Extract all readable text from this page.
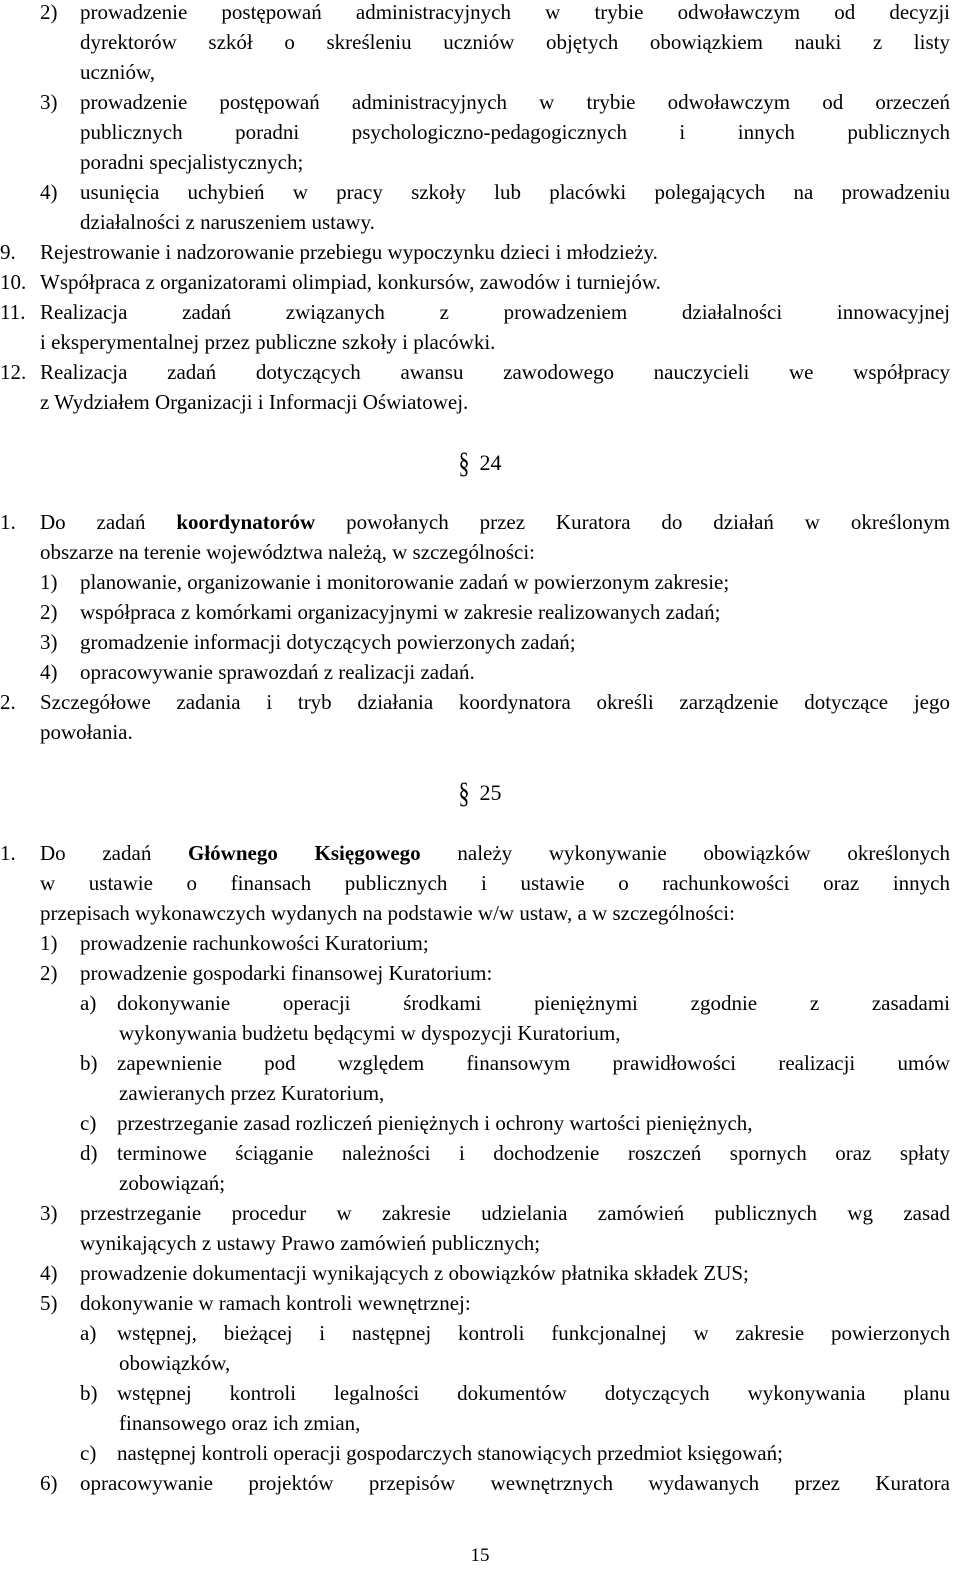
2) prowadzenie postępowań administracyjnych w trybie odwoławczym od decyzji
dyrektorów szkół o skreśleniu uczniów objętych obowiązkiem nauki z listy
uczniów,
3) prowadzenie postępowań administracyjnych w trybie odwoławczym od orzeczeń
publicznych poradni psychologiczno-pedagogicznych i innych publicznych
poradni specjalistycznych;
4) usunięcia uchybień w pracy szkoły lub placówki polegających na prowadzeniu
działalności z naruszeniem ustawy.
9. Rejestrowanie i nadzorowanie przebiegu wypoczynku dzieci i młodzieży.
10. Współpraca z organizatorami olimpiad, konkursów, zawodów i turniejów.
11. Realizacja zadań związanych z prowadzeniem działalności innowacyjnej
i eksperymentalnej przez publiczne szkoły i placówki.
12. Realizacja zadań dotyczących awansu zawodowego nauczycieli we współpracy
z Wydziałem Organizacji i Informacji Oświatowej.
§ 24
1. Do zadań koordynatorów powołanych przez Kuratora do działań w określonym
obszarze na terenie województwa należą, w szczególności:
1) planowanie, organizowanie i monitorowanie zadań w powierzonym zakresie;
2) współpraca z komórkami organizacyjnymi w zakresie realizowanych zadań;
3) gromadzenie informacji dotyczących powierzonych zadań;
4) opracowywanie sprawozdań z realizacji zadań.
2. Szczegółowe zadania i tryb działania koordynatora określi zarządzenie dotyczące jego
powołania.
§ 25
1. Do zadań Głównego Księgowego należy wykonywanie obowiązków określonych
w ustawie o finansach publicznych i ustawie o rachunkowości oraz innych
przepisach wykonawczych wydanych na podstawie w/w ustaw, a w szczególności:
1) prowadzenie rachunkowości Kuratorium;
2) prowadzenie gospodarki finansowej Kuratorium:
a) dokonywanie operacji środkami pieniężnymi zgodnie z zasadami
wykonywania budżetu będącymi w dyspozycji Kuratorium,
b) zapewnienie pod względem finansowym prawidłowości realizacji umów
zawieranych przez Kuratorium,
c) przestrzeganie zasad rozliczeń pieniężnych i ochrony wartości pieniężnych,
d) terminowe ściąganie należności i dochodzenie roszczeń spornych oraz spłaty
zobowiązań;
3) przestrzeganie procedur w zakresie udzielania zamówień publicznych wg zasad
wynikających z ustawy Prawo zamówień publicznych;
4) prowadzenie dokumentacji wynikających z obowiązków płatnika składek ZUS;
5) dokonywanie w ramach kontroli wewnętrznej:
a) wstępnej, bieżącej i następnej kontroli funkcjonalnej w zakresie powierzonych
obowiązków,
b) wstępnej kontroli legalności dokumentów dotyczących wykonywania planu
finansowego oraz ich zmian,
c) następnej kontroli operacji gospodarczych stanowiących przedmiot księgowań;
6) opracowywanie projektów przepisów wewnętrznych wydawanych przez Kuratora
15
